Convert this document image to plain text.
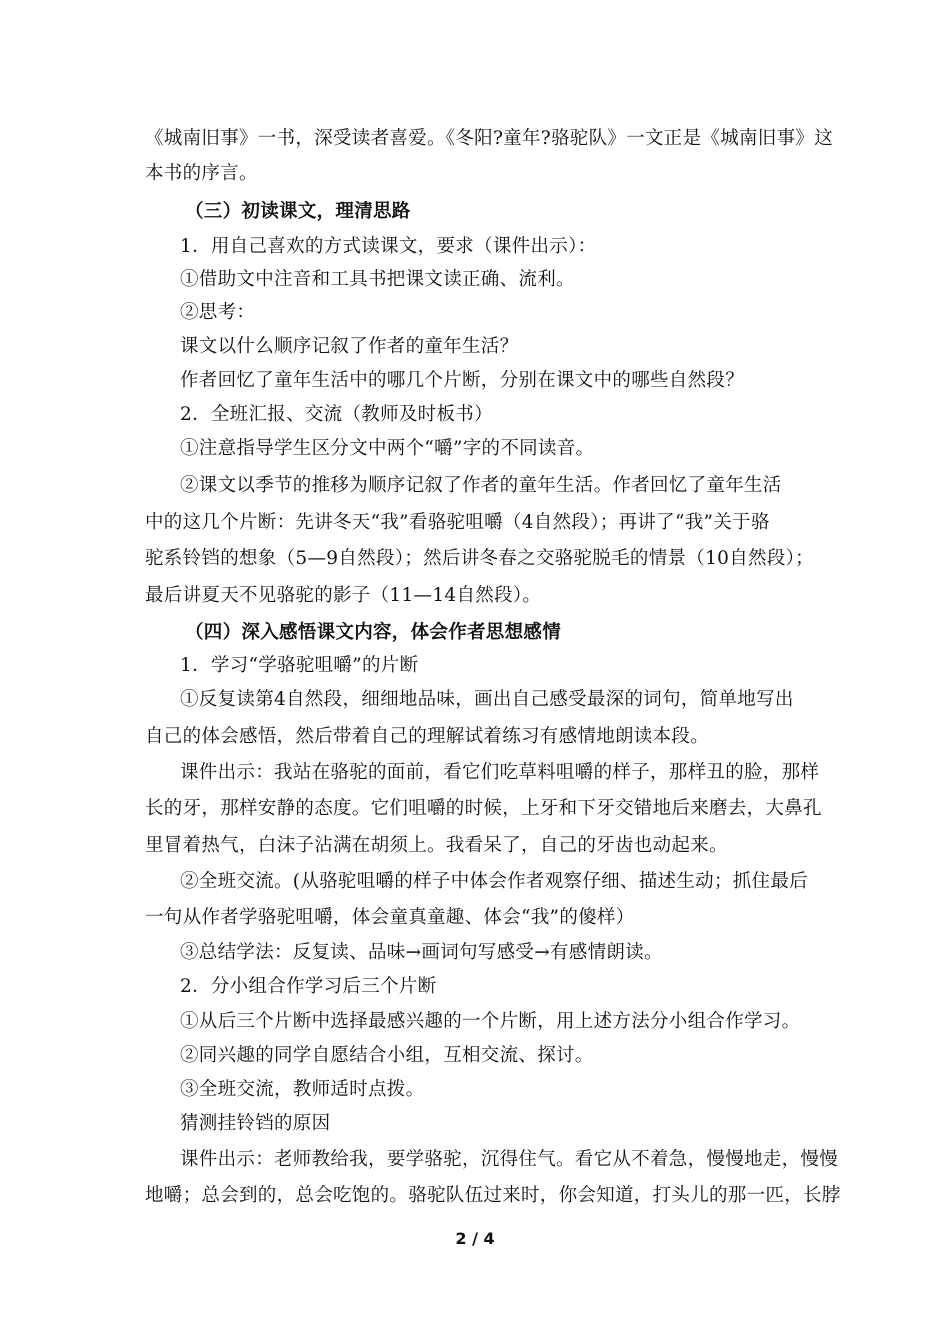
《城南旧事》一书，深受读者喜爱。《冬阳?童年?骆驼队》一文正是《城南旧事》这
本书的序言。
（三）初读课文，理清思路
1．用自己喜欢的方式读课文，要求（课件出示）：
①借助文中注音和工具书把课文读正确、流利。
②思考：
课文以什么顺序记叙了作者的童年生活？
作者回忆了童年生活中的哪几个片断，分别在课文中的哪些自然段？
2．全班汇报、交流（教师及时板书）
①注意指导学生区分文中两个“嚼”字的不同读音。
②课文以季节的推移为顺序记叙了作者的童年生活。作者回忆了童年生活
中的这几个片断：先讲冬天“我”看骆驼咀嚼（4自然段）；再讲了“我”关于骆
驼系铃铛的想象（5—9自然段）；然后讲冬春之交骆驼脱毛的情景（10自然段）；
最后讲夏天不见骆驼的影子（11—14自然段）。
（四）深入感悟课文内容，体会作者思想感情
1．学习“学骆驼咀嚼”的片断
①反复读第4自然段，细细地品味，画出自己感受最深的词句，简单地写出
自己的体会感悟，然后带着自己的理解试着练习有感情地朗读本段。
课件出示：我站在骆驼的面前，看它们吃草料咀嚼的样子，那样丑的脸，那样
长的牙，那样安静的态度。它们咀嚼的时候，上牙和下牙交错地后来磨去，大鼻孔
里冒着热气，白沫子沾满在胡须上。我看呆了，自己的牙齿也动起来。
②全班交流。(从骆驼咀嚼的样子中体会作者观察仔细、描述生动；抓住最后
一句从作者学骆驼咀嚼，体会童真童趣、体会“我”的傻样）
③总结学法：反复读、品味→画词句写感受→有感情朗读。
2．分小组合作学习后三个片断
①从后三个片断中选择最感兴趣的一个片断，用上述方法分小组合作学习。
②同兴趣的同学自愿结合小组，互相交流、探讨。
③全班交流，教师适时点拨。
猜测挂铃铛的原因
课件出示：老师教给我，要学骆驼，沉得住气。看它从不着急，慢慢地走，慢慢
地嚼；总会到的，总会吃饱的。骆驼队伍过来时，你会知道，打头儿的那一匹，长脖
2 / 4
